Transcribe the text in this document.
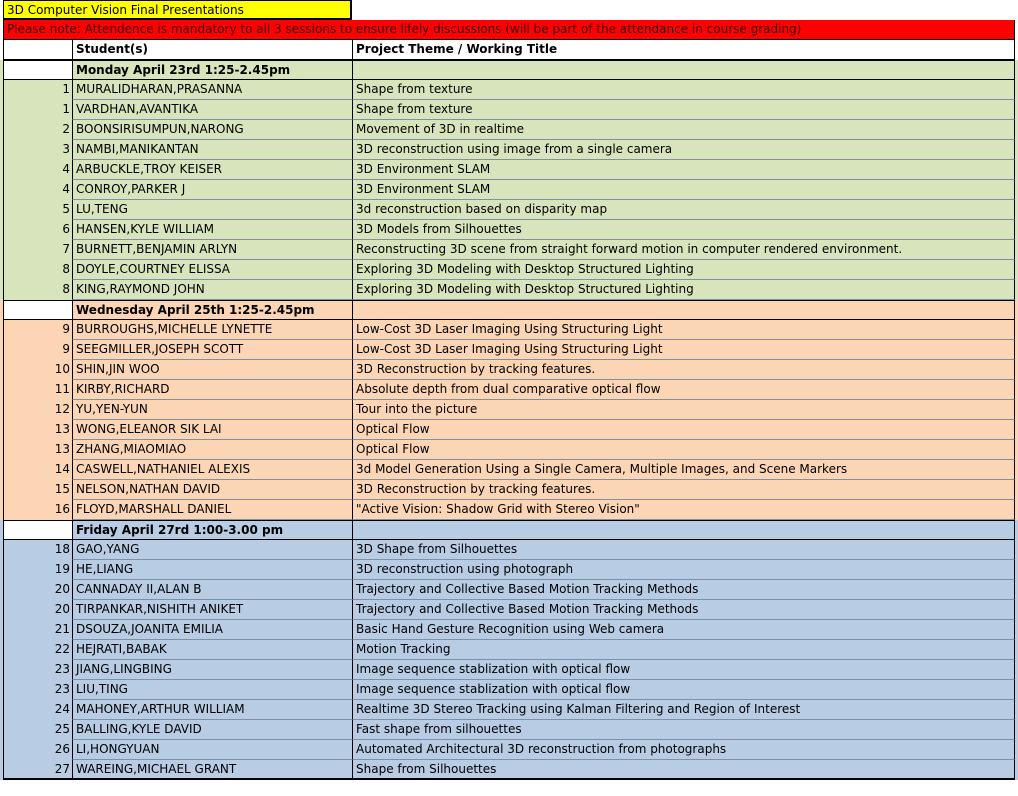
3D Computer Vision Final Presentations
Please note: Attendence is mandatory to all 3 sessions to ensure lifely discussions (will be part of the attendance in course grading)
Student(s)	Project Theme / Working Title
Monday April 23rd 1:25-2.45pm
1 MURALIDHARAN,PRASANNA	Shape from texture
1 VARDHAN,AVANTIKA	Shape from texture
2 BOONSIRISUMPUN,NARONG	Movement of 3D in realtime
3 NAMBI,MANIKANTAN	3D reconstruction using image from a single camera
4 ARBUCKLE,TROY KEISER	3D Environment SLAM
4 CONROY,PARKER J	3D Environment SLAM
5 LU,TENG	3d reconstruction based on disparity map
6 HANSEN,KYLE WILLIAM	3D Models from Silhouettes
7 BURNETT,BENJAMIN ARLYN	Reconstructing 3D scene from straight forward motion in computer rendered environment.
8 DOYLE,COURTNEY ELISSA	Exploring 3D Modeling with Desktop Structured Lighting
8 KING,RAYMOND JOHN	Exploring 3D Modeling with Desktop Structured Lighting
Wednesday April 25th 1:25-2.45pm
9 BURROUGHS,MICHELLE LYNETTE	Low-Cost 3D Laser Imaging Using Structuring Light
9 SEEGMILLER,JOSEPH SCOTT	Low-Cost 3D Laser Imaging Using Structuring Light
10 SHIN,JIN WOO	3D Reconstruction by tracking features.
11 KIRBY,RICHARD	Absolute depth from dual comparative optical flow
12 YU,YEN-YUN	Tour into the picture
13 WONG,ELEANOR SIK LAI	Optical Flow
13 ZHANG,MIAOMIAO	Optical Flow
14 CASWELL,NATHANIEL ALEXIS	3d Model Generation Using a Single Camera, Multiple Images, and Scene Markers
15 NELSON,NATHAN DAVID	3D Reconstruction by tracking features.
16 FLOYD,MARSHALL DANIEL	"Active Vision: Shadow Grid with Stereo Vision"
Friday April 27rd 1:00-3.00 pm
18 GAO,YANG	3D Shape from Silhouettes
19 HE,LIANG	3D reconstruction using photograph
20 CANNADAY II,ALAN B	Trajectory and Collective Based Motion Tracking Methods
20 TIRPANKAR,NISHITH ANIKET	Trajectory and Collective Based Motion Tracking Methods
21 DSOUZA,JOANITA EMILIA	Basic Hand Gesture Recognition using Web camera
22 HEJRATI,BABAK	Motion Tracking
23 JIANG,LINGBING	Image sequence stablization with optical flow
23 LIU,TING	Image sequence stablization with optical flow
24 MAHONEY,ARTHUR WILLIAM	Realtime 3D Stereo Tracking using Kalman Filtering and Region of Interest
25 BALLING,KYLE DAVID	Fast shape from silhouettes
26 LI,HONGYUAN	Automated Architectural 3D reconstruction from photographs
27 WAREING,MICHAEL GRANT	Shape from Silhouettes
